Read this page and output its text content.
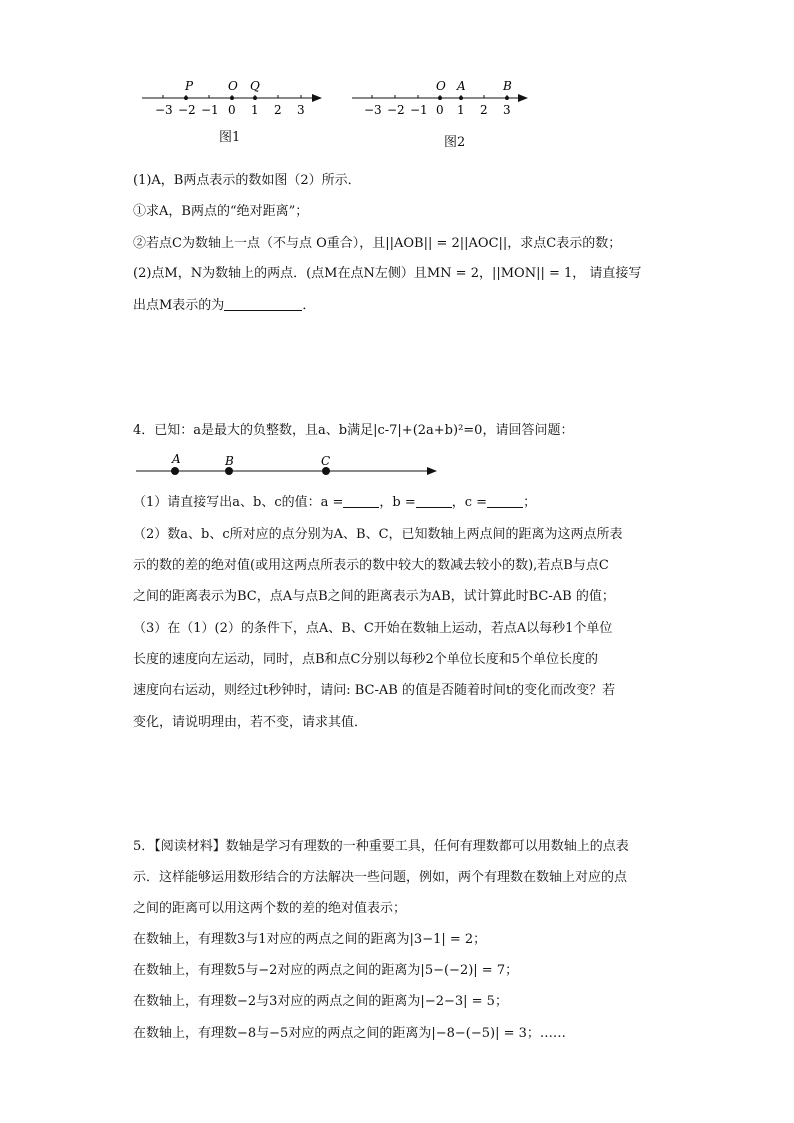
P	O Q
−3 −2 −1 0 1 2 3
图1
O A	B
−3 −2 −1 0 1 2 3
图2
(1)A，B两点表示的数如图（2）所示．
①求A，B两点的“绝对距离”；
②若点C为数轴上一点（不与点 O重合），且||AOB|| = 2||AOC||，求点C表示的数；
(2)点M，N为数轴上的两点．(点M在点N左侧）且MN = 2，||MON|| = 1， 请直接写
出点M表示的为	．
4．已知：a是最大的负整数，且a、b满足|c-7|+(2a+b)²=0，请回答问题：
A	B	C
（1）请直接写出a、b、c的值：a =	，b =	，c =	；
（2）数a、b、c所对应的点分别为A、B、C，已知数轴上两点间的距离为这两点所表
示的数的差的绝对值(或用这两点所表示的数中较大的数减去较小的数),若点B与点C
之间的距离表示为BC，点A与点B之间的距离表示为AB，试计算此时BC-AB 的值；
（3）在（1）(2）的条件下，点A、B、C开始在数轴上运动，若点A以每秒1个单位
长度的速度向左运动，同时，点B和点C分别以每秒2个单位长度和5个单位长度的
速度向右运动，则经过t秒钟时，请问: BC-AB 的值是否随着时间t的变化而改变？若
变化，请说明理由，若不变，请求其值．
5．【阅读材料】数轴是学习有理数的一种重要工具，任何有理数都可以用数轴上的点表
示．这样能够运用数形结合的方法解决一些问题，例如，两个有理数在数轴上对应的点
之间的距离可以用这两个数的差的绝对值表示；
在数轴上，有理数3与1对应的两点之间的距离为|3−1| = 2；
在数轴上，有理数5与−2对应的两点之间的距离为|5−(−2)| = 7；
在数轴上，有理数−2与3对应的两点之间的距离为|−2−3| = 5；
在数轴上，有理数−8与−5对应的两点之间的距离为|−8−(−5)| = 3；……
